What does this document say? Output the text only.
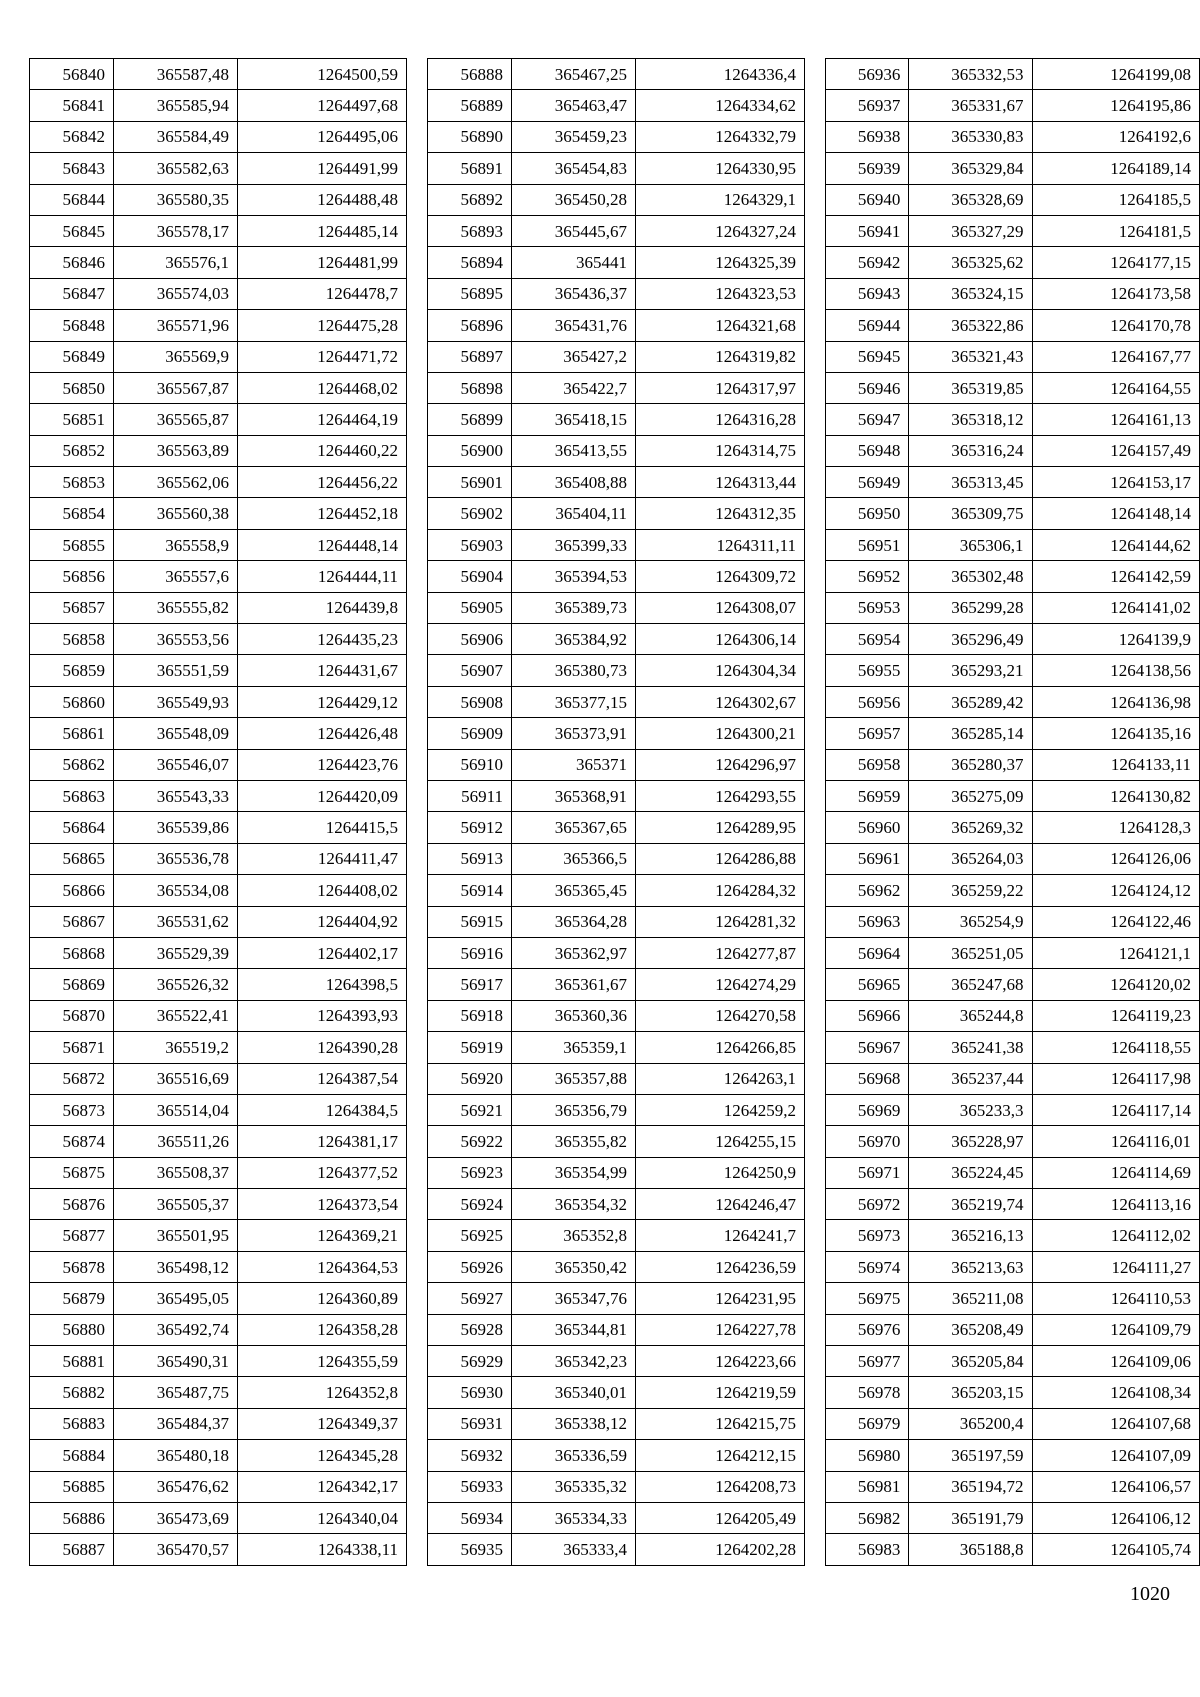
56840	365587,48	1264500,59
56841	365585,94	1264497,68
56842	365584,49	1264495,06
56843	365582,63	1264491,99
56844	365580,35	1264488,48
56845	365578,17	1264485,14
56846	365576,1	1264481,99
56847	365574,03	1264478,7
56848	365571,96	1264475,28
56849	365569,9	1264471,72
56850	365567,87	1264468,02
56851	365565,87	1264464,19
56852	365563,89	1264460,22
56853	365562,06	1264456,22
56854	365560,38	1264452,18
56855	365558,9	1264448,14
56856	365557,6	1264444,11
56857	365555,82	1264439,8
56858	365553,56	1264435,23
56859	365551,59	1264431,67
56860	365549,93	1264429,12
56861	365548,09	1264426,48
56862	365546,07	1264423,76
56863	365543,33	1264420,09
56864	365539,86	1264415,5
56865	365536,78	1264411,47
56866	365534,08	1264408,02
56867	365531,62	1264404,92
56868	365529,39	1264402,17
56869	365526,32	1264398,5
56870	365522,41	1264393,93
56871	365519,2	1264390,28
56872	365516,69	1264387,54
56873	365514,04	1264384,5
56874	365511,26	1264381,17
56875	365508,37	1264377,52
56876	365505,37	1264373,54
56877	365501,95	1264369,21
56878	365498,12	1264364,53
56879	365495,05	1264360,89
56880	365492,74	1264358,28
56881	365490,31	1264355,59
56882	365487,75	1264352,8
56883	365484,37	1264349,37
56884	365480,18	1264345,28
56885	365476,62	1264342,17
56886	365473,69	1264340,04
56887	365470,57	1264338,11
56888	365467,25	1264336,4
56889	365463,47	1264334,62
56890	365459,23	1264332,79
56891	365454,83	1264330,95
56892	365450,28	1264329,1
56893	365445,67	1264327,24
56894	365441	1264325,39
56895	365436,37	1264323,53
56896	365431,76	1264321,68
56897	365427,2	1264319,82
56898	365422,7	1264317,97
56899	365418,15	1264316,28
56900	365413,55	1264314,75
56901	365408,88	1264313,44
56902	365404,11	1264312,35
56903	365399,33	1264311,11
56904	365394,53	1264309,72
56905	365389,73	1264308,07
56906	365384,92	1264306,14
56907	365380,73	1264304,34
56908	365377,15	1264302,67
56909	365373,91	1264300,21
56910	365371	1264296,97
56911	365368,91	1264293,55
56912	365367,65	1264289,95
56913	365366,5	1264286,88
56914	365365,45	1264284,32
56915	365364,28	1264281,32
56916	365362,97	1264277,87
56917	365361,67	1264274,29
56918	365360,36	1264270,58
56919	365359,1	1264266,85
56920	365357,88	1264263,1
56921	365356,79	1264259,2
56922	365355,82	1264255,15
56923	365354,99	1264250,9
56924	365354,32	1264246,47
56925	365352,8	1264241,7
56926	365350,42	1264236,59
56927	365347,76	1264231,95
56928	365344,81	1264227,78
56929	365342,23	1264223,66
56930	365340,01	1264219,59
56931	365338,12	1264215,75
56932	365336,59	1264212,15
56933	365335,32	1264208,73
56934	365334,33	1264205,49
56935	365333,4	1264202,28
56936	365332,53	1264199,08
56937	365331,67	1264195,86
56938	365330,83	1264192,6
56939	365329,84	1264189,14
56940	365328,69	1264185,5
56941	365327,29	1264181,5
56942	365325,62	1264177,15
56943	365324,15	1264173,58
56944	365322,86	1264170,78
56945	365321,43	1264167,77
56946	365319,85	1264164,55
56947	365318,12	1264161,13
56948	365316,24	1264157,49
56949	365313,45	1264153,17
56950	365309,75	1264148,14
56951	365306,1	1264144,62
56952	365302,48	1264142,59
56953	365299,28	1264141,02
56954	365296,49	1264139,9
56955	365293,21	1264138,56
56956	365289,42	1264136,98
56957	365285,14	1264135,16
56958	365280,37	1264133,11
56959	365275,09	1264130,82
56960	365269,32	1264128,3
56961	365264,03	1264126,06
56962	365259,22	1264124,12
56963	365254,9	1264122,46
56964	365251,05	1264121,1
56965	365247,68	1264120,02
56966	365244,8	1264119,23
56967	365241,38	1264118,55
56968	365237,44	1264117,98
56969	365233,3	1264117,14
56970	365228,97	1264116,01
56971	365224,45	1264114,69
56972	365219,74	1264113,16
56973	365216,13	1264112,02
56974	365213,63	1264111,27
56975	365211,08	1264110,53
56976	365208,49	1264109,79
56977	365205,84	1264109,06
56978	365203,15	1264108,34
56979	365200,4	1264107,68
56980	365197,59	1264107,09
56981	365194,72	1264106,57
56982	365191,79	1264106,12
56983	365188,8	1264105,74
1020
